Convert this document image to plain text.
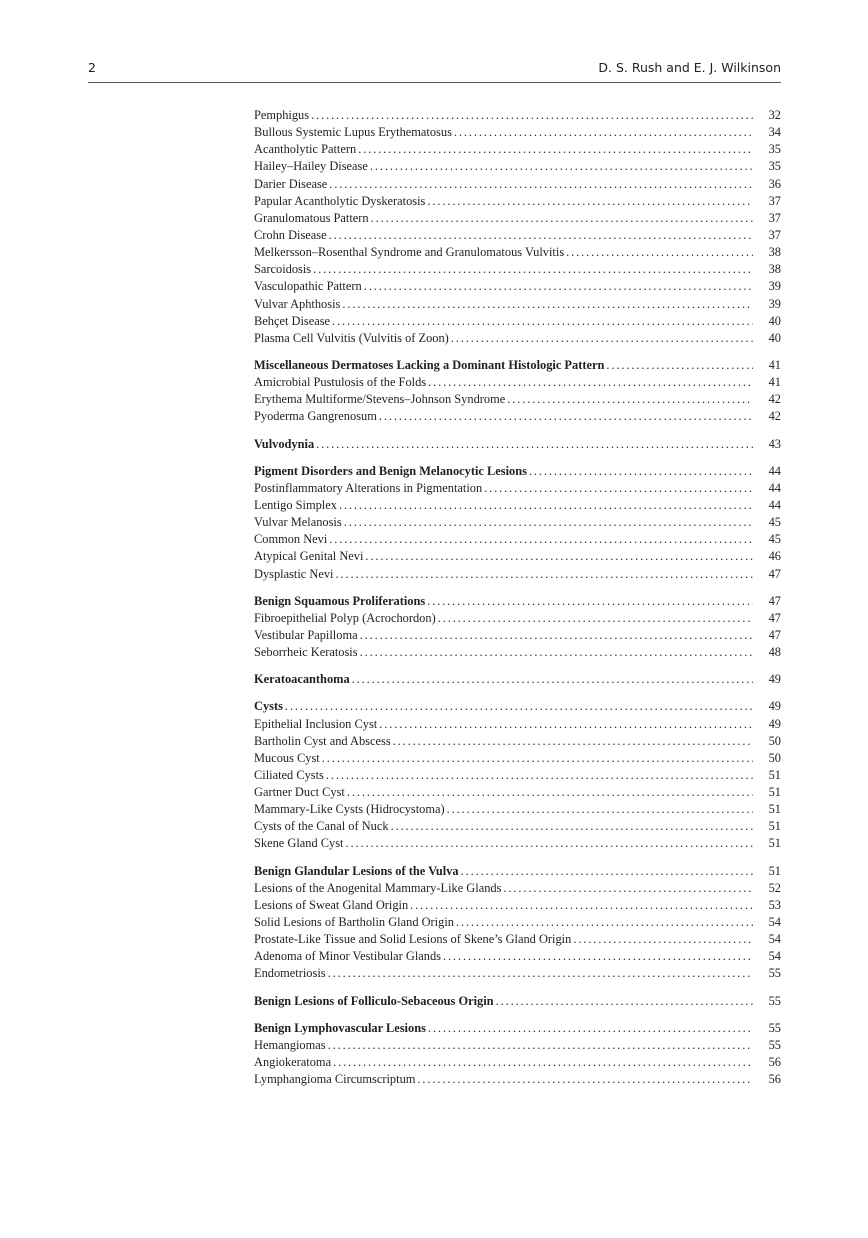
2	D. S. Rush and E. J. Wilkinson
Pemphigus . . .	32
Bullous Systemic Lupus Erythematosus . . .	34
Acantholytic Pattern . . .	35
Hailey–Hailey Disease . . .	35
Darier Disease . . .	36
Papular Acantholytic Dyskeratosis . . .	37
Granulomatous Pattern . . .	37
Crohn Disease . . .	37
Melkersson–Rosenthal Syndrome and Granulomatous Vulvitis . . .	38
Sarcoidosis . . .	38
Vasculopathic Pattern . . .	39
Vulvar Aphthosis . . .	39
Behçet Disease . . .	40
Plasma Cell Vulvitis (Vulvitis of Zoon) . . .	40
Miscellaneous Dermatoses Lacking a Dominant Histologic Pattern . . .	41
Amicrobial Pustulosis of the Folds . . .	41
Erythema Multiforme/Stevens–Johnson Syndrome . . .	42
Pyoderma Gangrenosum . . .	42
Vulvodynia . . .	43
Pigment Disorders and Benign Melanocytic Lesions . . .	44
Postinflammatory Alterations in Pigmentation . . .	44
Lentigo Simplex . . .	44
Vulvar Melanosis . . .	45
Common Nevi . . .	45
Atypical Genital Nevi . . .	46
Dysplastic Nevi . . .	47
Benign Squamous Proliferations . . .	47
Fibroepithelial Polyp (Acrochordon) . . .	47
Vestibular Papilloma . . .	47
Seborrheic Keratosis . . .	48
Keratoacanthoma . . .	49
Cysts . . .	49
Epithelial Inclusion Cyst . . .	49
Bartholin Cyst and Abscess . . .	50
Mucous Cyst . . .	50
Ciliated Cysts . . .	51
Gartner Duct Cyst . . .	51
Mammary-Like Cysts (Hidrocystoma) . . .	51
Cysts of the Canal of Nuck . . .	51
Skene Gland Cyst . . .	51
Benign Glandular Lesions of the Vulva . . .	51
Lesions of the Anogenital Mammary-Like Glands . . .	52
Lesions of Sweat Gland Origin . . .	53
Solid Lesions of Bartholin Gland Origin . . .	54
Prostate-Like Tissue and Solid Lesions of Skene’s Gland Origin . . .	54
Adenoma of Minor Vestibular Glands . . .	54
Endometriosis . . .	55
Benign Lesions of Folliculo-Sebaceous Origin . . .	55
Benign Lymphovascular Lesions . . .	55
Hemangiomas . . .	55
Angiokeratoma . . .	56
Lymphangioma Circumscriptum . . .	56
